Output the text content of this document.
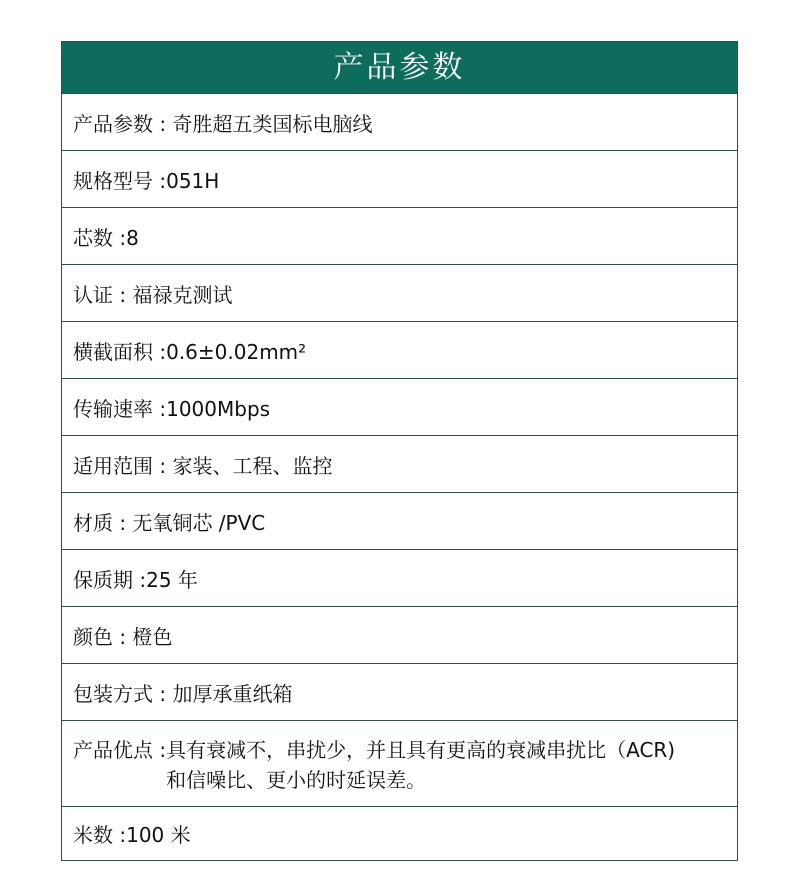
产品参数
产品参数 : 奇胜超五类国标电脑线
规格型号 :051H
芯数 :8
认证 : 福禄克测试
横截面积 :0.6±0.02mm²
传输速率 :1000Mbps
适用范围 : 家装、工程、监控
材质 : 无氧铜芯 /PVC
保质期 :25 年
颜色 : 橙色
包装方式 : 加厚承重纸箱
产品优点 : 具有衰减不，串扰少，并且具有更高的衰减串扰比（ACR)
和信噪比、更小的时延误差。
米数 :100 米
